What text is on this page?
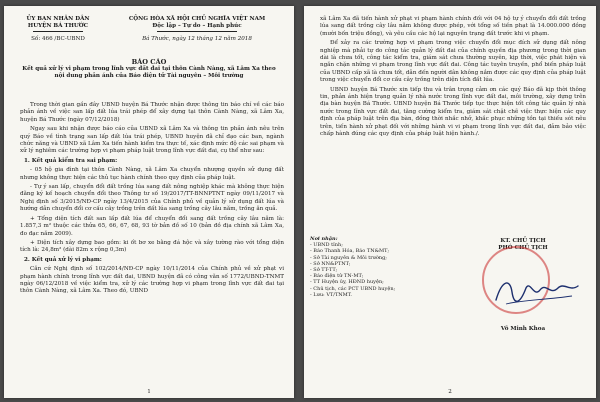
ỦY BAN NHÂN DÂN
HUYỆN BÁ THƯỚC
Số: 466 /BC-UBND
CỘNG HÒA XÃ HỘI CHỦ NGHĨA VIỆT NAM
Độc lập – Tự do – Hạnh phúc
Bá Thước, ngày 12 tháng 12 năm 2018
BÁO CÁO
Kết quả xử lý vi phạm trong lĩnh vực đất đai tại thôn Cành Nàng, xã Lâm Xa theo nội dung phản ánh của Báo điện tử Tài nguyên – Môi trường

Trong thời gian gần đây UBND huyện Bá Thước nhận được thông tin báo chí về các báo phản ánh về việc san lấp đất lúa trái phép để xây dựng tại thôn Cành Nàng, xã Lâm Xa, huyện Bá Thước (ngày 07/12/2018)

Ngay sau khi nhận được báo cáo của UBND xã Lâm Xa và thông tin phản ánh nêu trên quý Báo về tình trạng san lấp đất lúa trái phép, UBND huyện đã chỉ đạo các ban, ngành chức năng và UBND xã Lâm Xa tiến hành kiểm tra thực tế, xác định mức độ các sai phạm và xử lý nghiêm các trường hợp vi phạm pháp luật trong lĩnh vực đất đai, cụ thể như sau:

1. Kết quả kiểm tra sai phạm:

- 05 hộ gia đình tại thôn Cành Nàng, xã Lâm Xa chuyển nhượng quyền sử dụng đất nhưng không thực hiện các thủ tục hành chính theo quy định của pháp luật.

- Tự ý san lấp, chuyển đổi đất trồng lúa sang đất nông nghiệp khác mà không thực hiện đăng ký kế hoạch chuyển đổi theo Thông tư số 19/2017/TT-BNNPTNT ngày 09/11/2017 và Nghị định số 3/2015/NĐ-CP ngày 13/4/2015 của Chính phủ về quản lý sử dụng đất lúa và hướng dẫn chuyển đổi cơ cấu cây trồng trên đất lúa sang trồng cây lâu năm, trồng ăn quả.

+ Tổng diện tích đất san lấp đất lúa để chuyển đổi sang đất trồng cây lâu năm là: 1.857,3 m² thuộc các thửa 65, 66, 67, 68, 93 tờ bản đồ số 10 (bản đồ địa chính xã Lâm Xa, đo đạc năm 2009).

+ Diện tích xây dựng bao gồm: ki ốt bơ xe bằng đá hộc và xây tường rào với tổng diện tích là: 24,8m² (dài 82m x rộng 0,3m)

2. Kết quả xử lý vi phạm:

Căn cứ Nghị định số 102/2014/NĐ-CP ngày 10/11/2014 của Chính phủ về xử phạt vi phạm hành chính trong lĩnh vực đất đai, UBND huyện đã có công văn số 1772/UBND-TNMT ngày 06/12/2018 về việc kiểm tra, xử lý các trường hợp vi phạm trong lĩnh vực đất đai tại thôn Cành Nàng, xã Lâm Xa. Theo đó, UBND

1

xã Lâm Xa đã tiến hành xử phạt vi phạm hành chính đối với 04 hộ tự ý chuyển đổi đất trồng lúa sang đất trồng cây lâu năm không được phép, với tổng số tiền phạt là 14.000.000 đồng (mười bốn triệu đồng), và yêu cầu các hộ lại nguyên trạng đất trước khi vi phạm.

Để xảy ra các trường hợp vi phạm trong việc chuyển đổi mục đích sử dụng đất nông nghiệp mà phải tự do công tác quản lý đất đai của chính quyền địa phương trong thời gian dài là chưa tốt, công tác kiểm tra, giám sát chưa thường xuyên, kịp thời, việc phát hiện và ngăn chặn những vi phạm trong lĩnh vực đất đai. Công tác tuyên truyền, phổ biến pháp luật của UBND cấp xã là chưa tốt, dẫn đến người dân không nắm được các quy định của pháp luật trong việc chuyển đổi cơ cấu cây trồng trên diện tích đất lúa.

UBND huyện Bá Thước xin tiếp thu và trân trọng cảm ơn các quý Báo đã kịp thời thông tin, phản ánh hiện trạng quản lý nhà nước trong lĩnh vực đất đai, môi trường, xây dựng trên địa bàn huyện Bá Thước. UBND huyện Bá Thước tiếp tục thực hiện tốt công tác quản lý nhà nước trong lĩnh vực đất đai, tăng cường kiểm tra, giám sát chặt chẽ việc thực hiện các quy định của pháp luật trên địa bàn, đồng thời nhắc nhở, khắc phục những tồn tại thiếu sót nêu trên, tiến hành xử phạt đối với những hành vi vi phạm trong lĩnh vực đất đai, đảm bảo việc chấp hành đúng các quy định của pháp luật hiện hành./.

Nơi nhận:
- UBND tỉnh;
- Báo Thanh Hóa, Báo TN&MT;
- Sở Tài nguyên & Môi trường;
- Sở NN&PTNT;
- Sở TT-TT;
- Báo điện tử TN-MT;
- TT Huyện ủy, HĐND huyện;
- Chủ tịch, các PCT UBND huyện;
- Lưu: VT/TNMT.
KT. CHỦ TỊCH
PHÓ CHỦ TỊCH
Võ Minh Khoa
2
